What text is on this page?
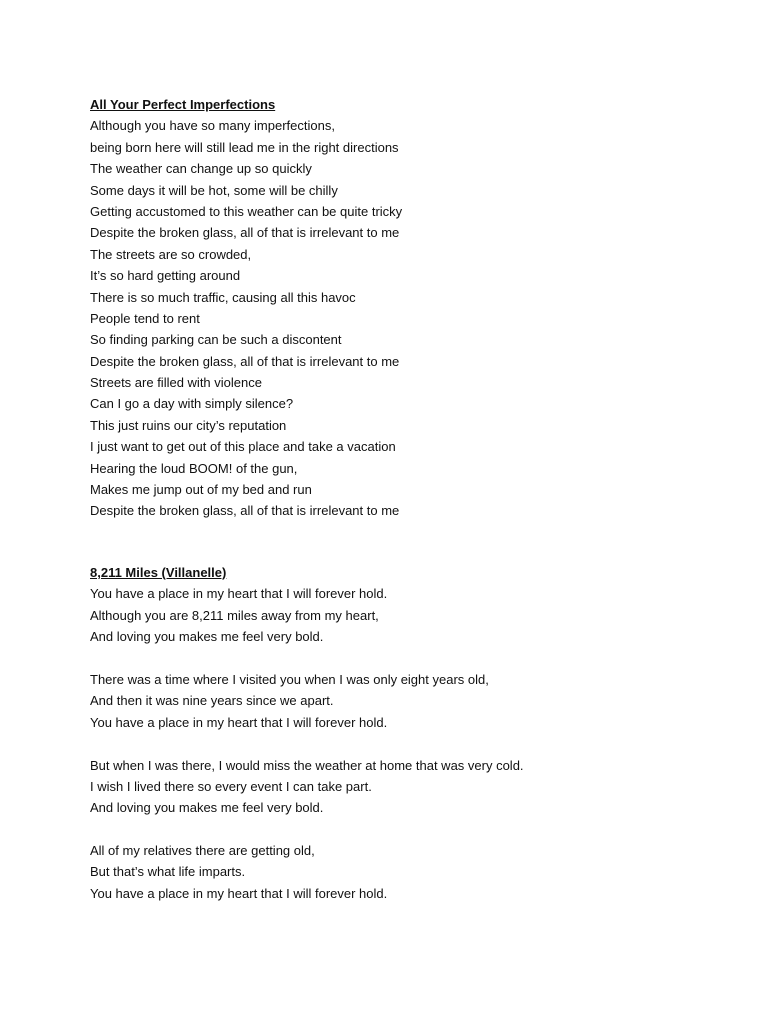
All Your Perfect Imperfections
Although you have so many imperfections,
being born here will still lead me in the right directions
The weather can change up so quickly
Some days it will be hot, some will be chilly
Getting accustomed to this weather can be quite tricky
Despite the broken glass, all of that is irrelevant to me
The streets are so crowded,
It’s so hard getting around
There is so much traffic, causing all this havoc
People tend to rent
So finding parking can be such a discontent
Despite the broken glass, all of that is irrelevant to me
Streets are filled with violence
Can I go a day with simply silence?
This just ruins our city’s reputation
I just want to get out of this place and take a vacation
Hearing the loud BOOM! of the gun,
Makes me jump out of my bed and run
Despite the broken glass, all of that is irrelevant to me
8,211 Miles (Villanelle)
You have a place in my heart that I will forever hold.
Although you are 8,211 miles away from my heart,
And loving you makes me feel very bold.
There was a time where I visited you when I was only eight years old,
And then it was nine years since we apart.
You have a place in my heart that I will forever hold.
But when I was there, I would miss the weather at home that was very cold.
I wish I lived there so every event I can take part.
And loving you makes me feel very bold.
All of my relatives there are getting old,
But that’s what life imparts.
You have a place in my heart that I will forever hold.
